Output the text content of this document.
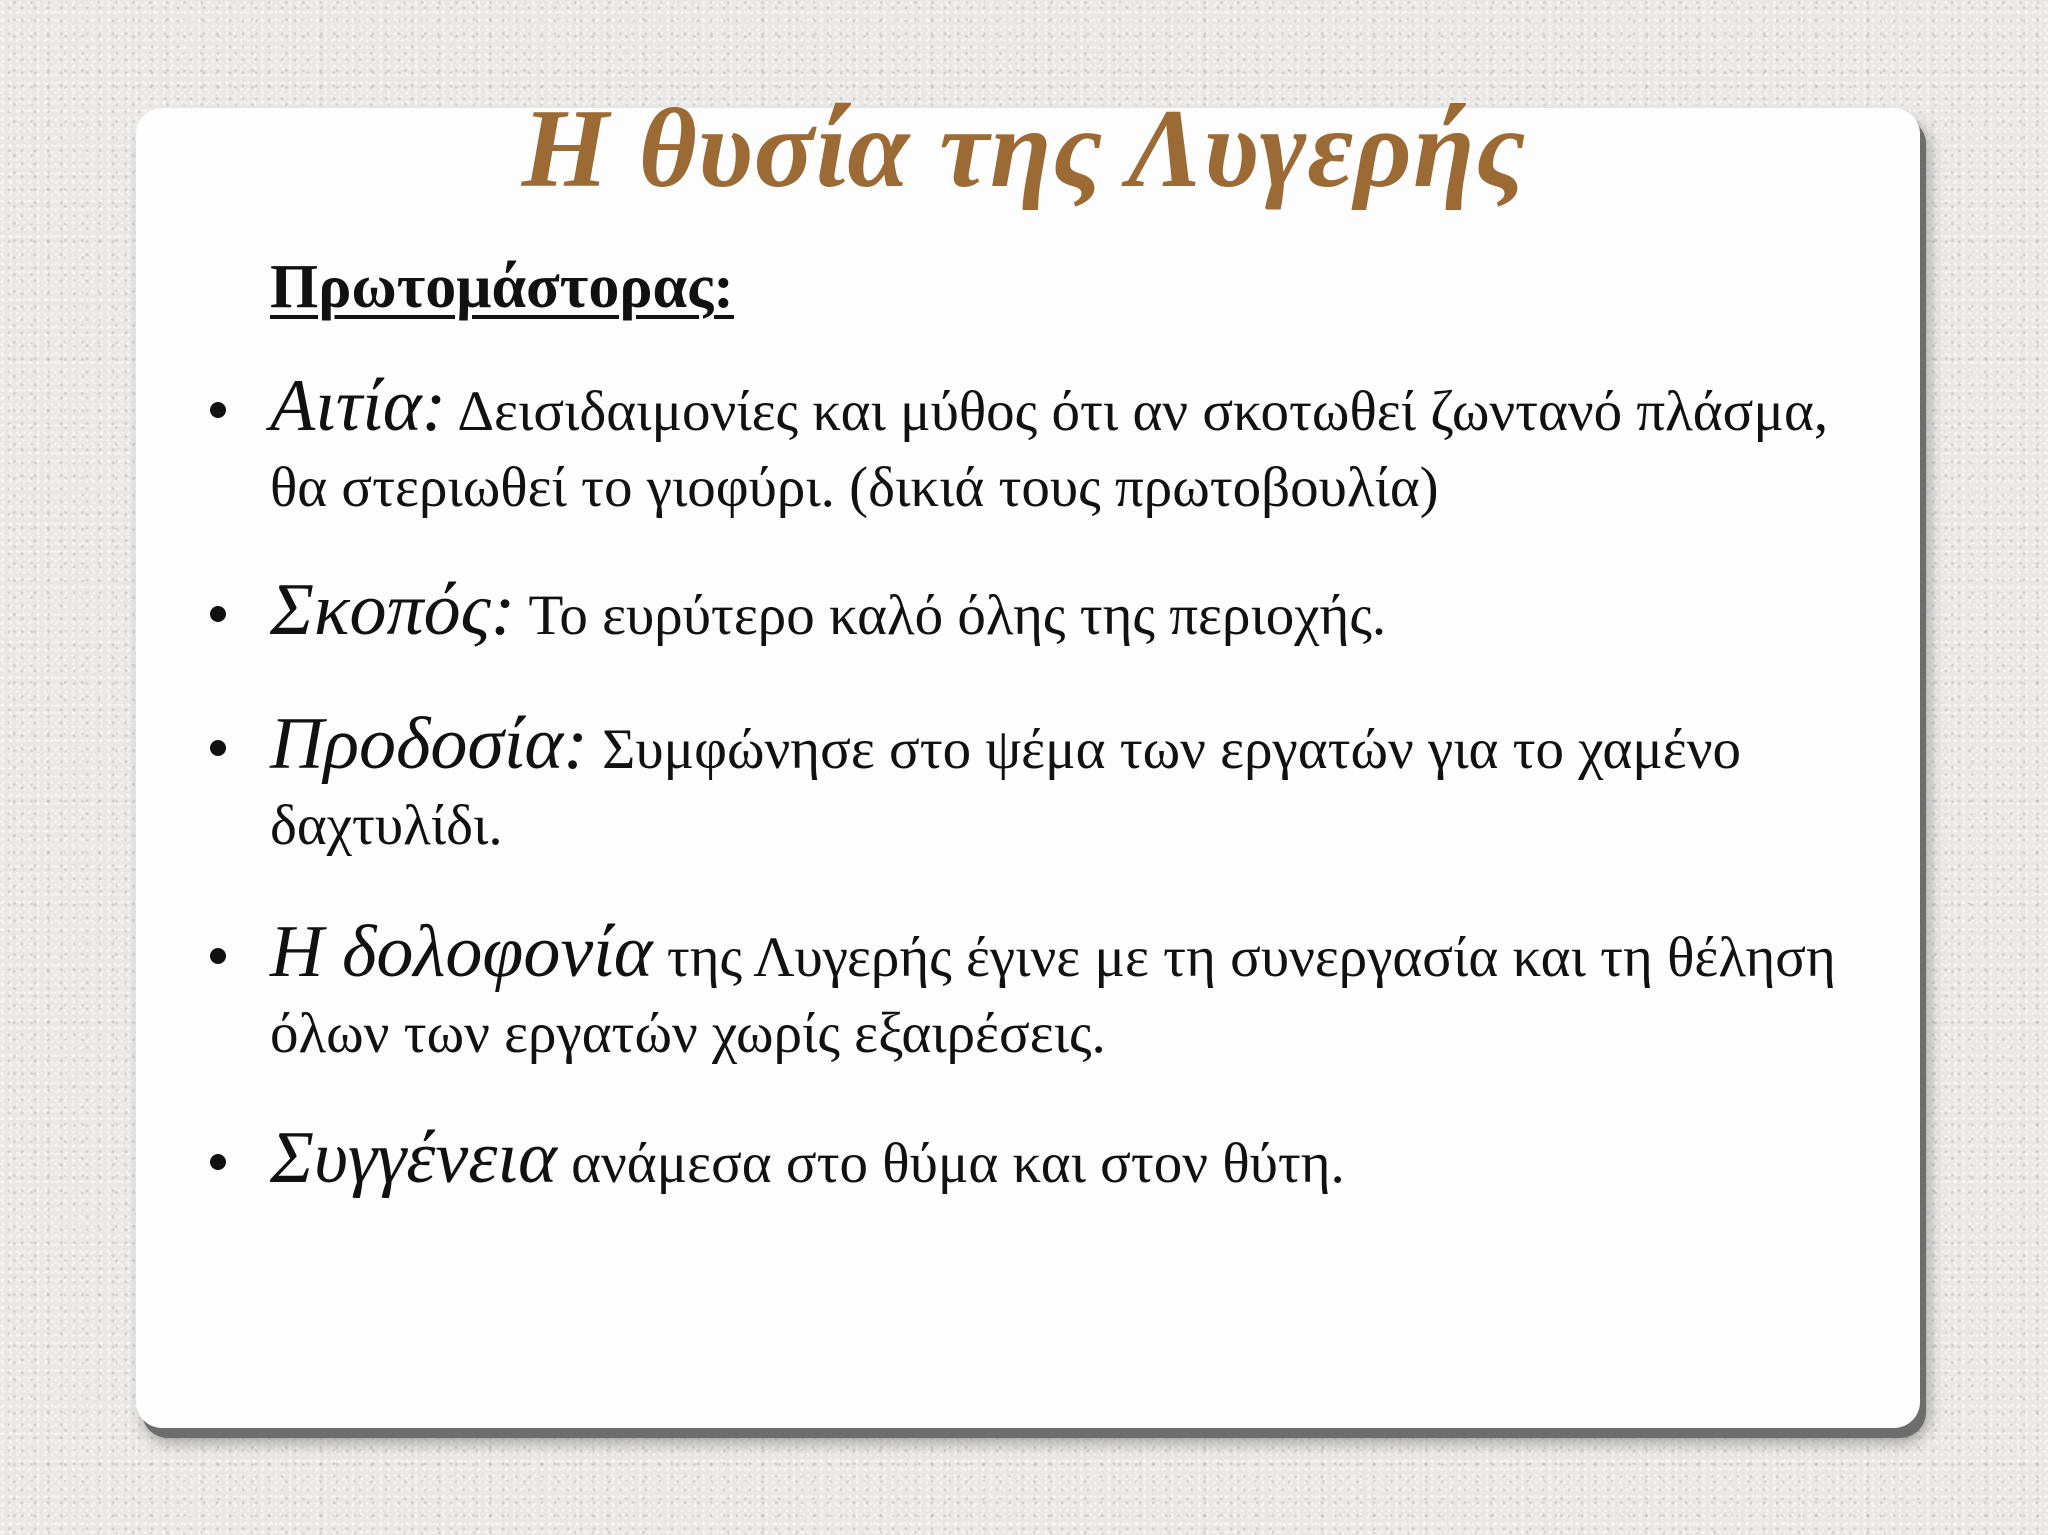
Η θυσία της Λυγερής
Πρωτομάστορας:
Αιτία: Δεισιδαιμονίες και μύθος ότι αν σκοτωθεί ζωντανό πλάσμα, θα στεριωθεί το γιοφύρι. (δικιά τους πρωτοβουλία)
Σκοπός: Το ευρύτερο καλό όλης της περιοχής.
Προδοσία: Συμφώνησε στο ψέμα των εργατών για το χαμένο δαχτυλίδι.
Η δολοφονία της Λυγερής έγινε με τη συνεργασία και τη θέληση όλων των εργατών χωρίς εξαιρέσεις.
Συγγένεια ανάμεσα στο θύμα και στον θύτη.
